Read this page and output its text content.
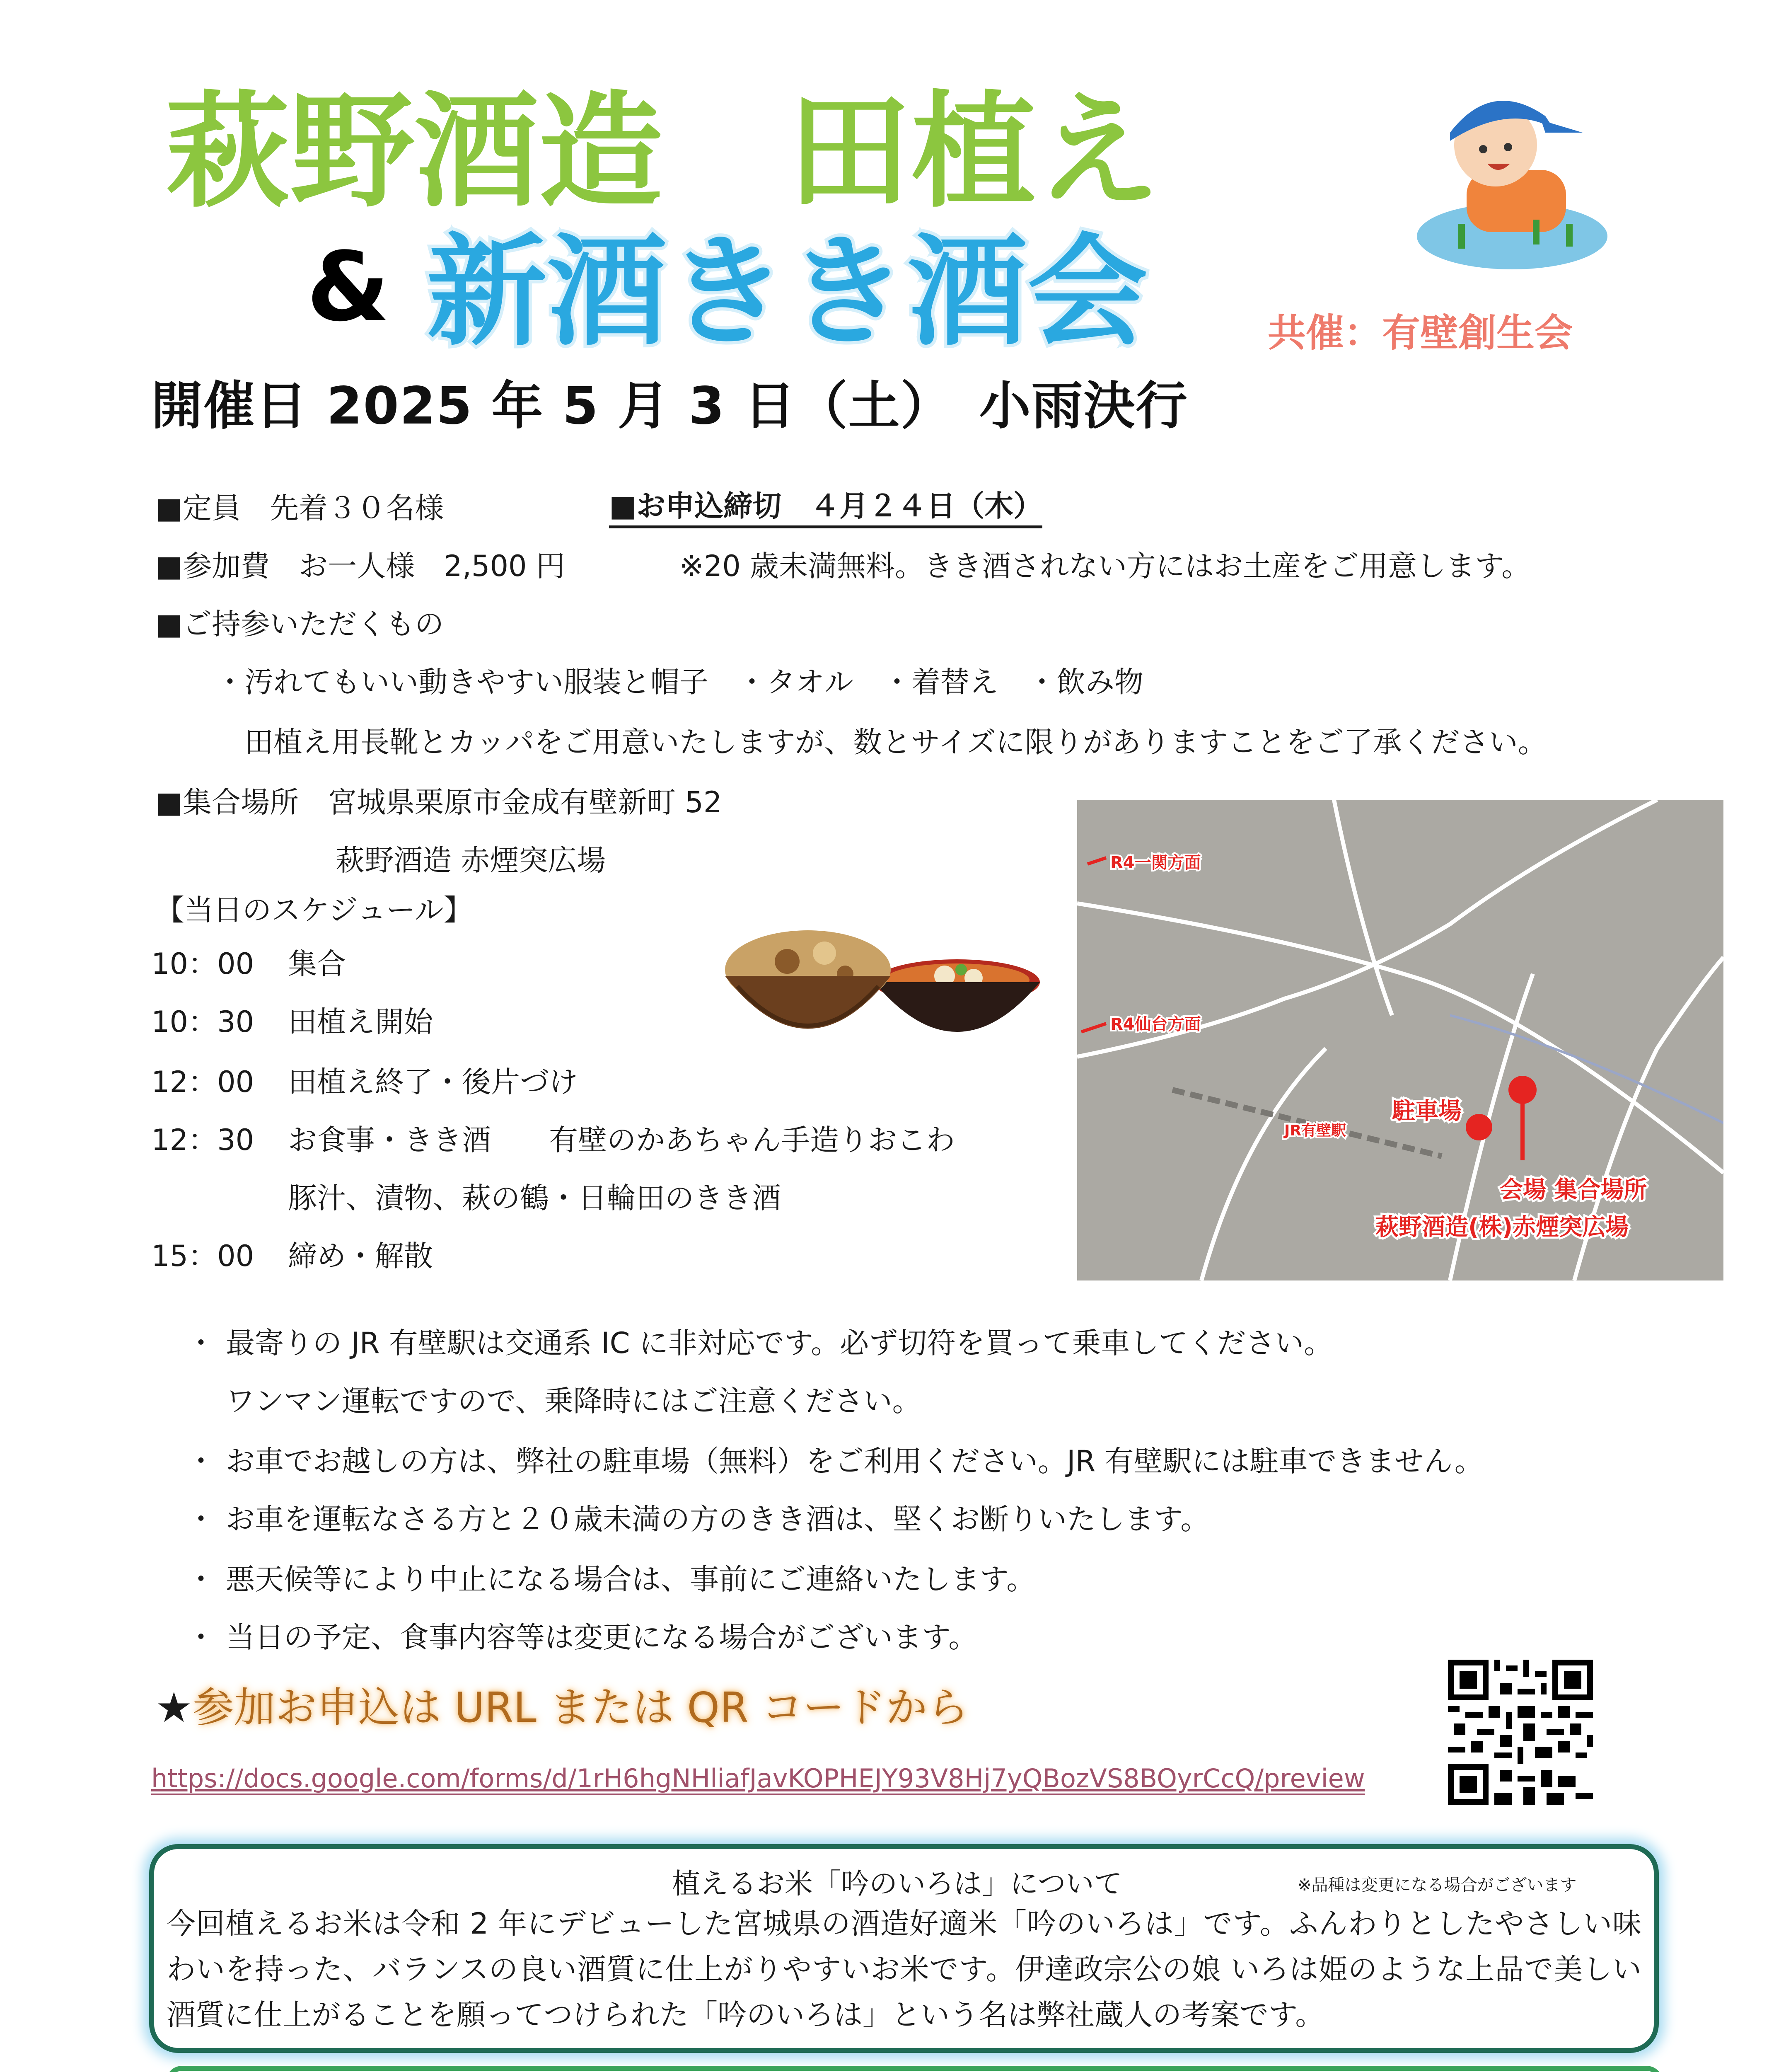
萩野酒造　田植え
& 新酒きき酒会	共催：有壁創生会
開催日 2025 年 5 月 3 日（土）　小雨決行
■定員　先着３０名様	■お申込締切　４月２４日（木）
■参加費　お一人様　2,500 円	※20 歳未満無料。きき酒されない方にはお土産をご用意します。
■ご持参いただくもの
・汚れてもいい動きやすい服装と帽子　・タオル　・着替え　・飲み物
田植え用長靴とカッパをご用意いたしますが、数とサイズに限りがありますことをご了承ください。
■集合場所　宮城県栗原市金成有壁新町 52
萩野酒造 赤煙突広場
【当日のスケジュール】
10：00 集合
10：30 田植え開始
12：00 田植え終了・後片づけ
12：30 お食事・きき酒　　有壁のかあちゃん手造りおこわ
豚汁、漬物、萩の鶴・日輪田のきき酒
15：00 締め・解散
R4一関方面
R4仙台方面
駐車場
JR有壁駅
会場 集合場所
萩野酒造(株)赤煙突広場
・ 最寄りの JR 有壁駅は交通系 IC に非対応です。必ず切符を買って乗車してください。
ワンマン運転ですので、乗降時にはご注意ください。
・ お車でお越しの方は、弊社の駐車場（無料）をご利用ください。JR 有壁駅には駐車できません。
・ お車を運転なさる方と２０歳未満の方のきき酒は、堅くお断りいたします。
・ 悪天候等により中止になる場合は、事前にご連絡いたします。
・ 当日の予定、食事内容等は変更になる場合がございます。
★参加お申込は URL または QR コードから
https://docs.google.com/forms/d/1rH6hgNHliafJavKOPHEJY93V8Hj7yQBozVS8BOyrCcQ/preview
植えるお米「吟のいろは」について	※品種は変更になる場合がございます
今回植えるお米は令和 2 年にデビューした宮城県の酒造好適米「吟のいろは」です。ふんわりとしたやさしい味わいを持った、バランスの良い酒質に仕上がりやすいお米です。伊達政宗公の娘 いろは姫のような上品で美しい酒質に仕上がることを願ってつけられた「吟のいろは」という名は弊社蔵人の考案です。
